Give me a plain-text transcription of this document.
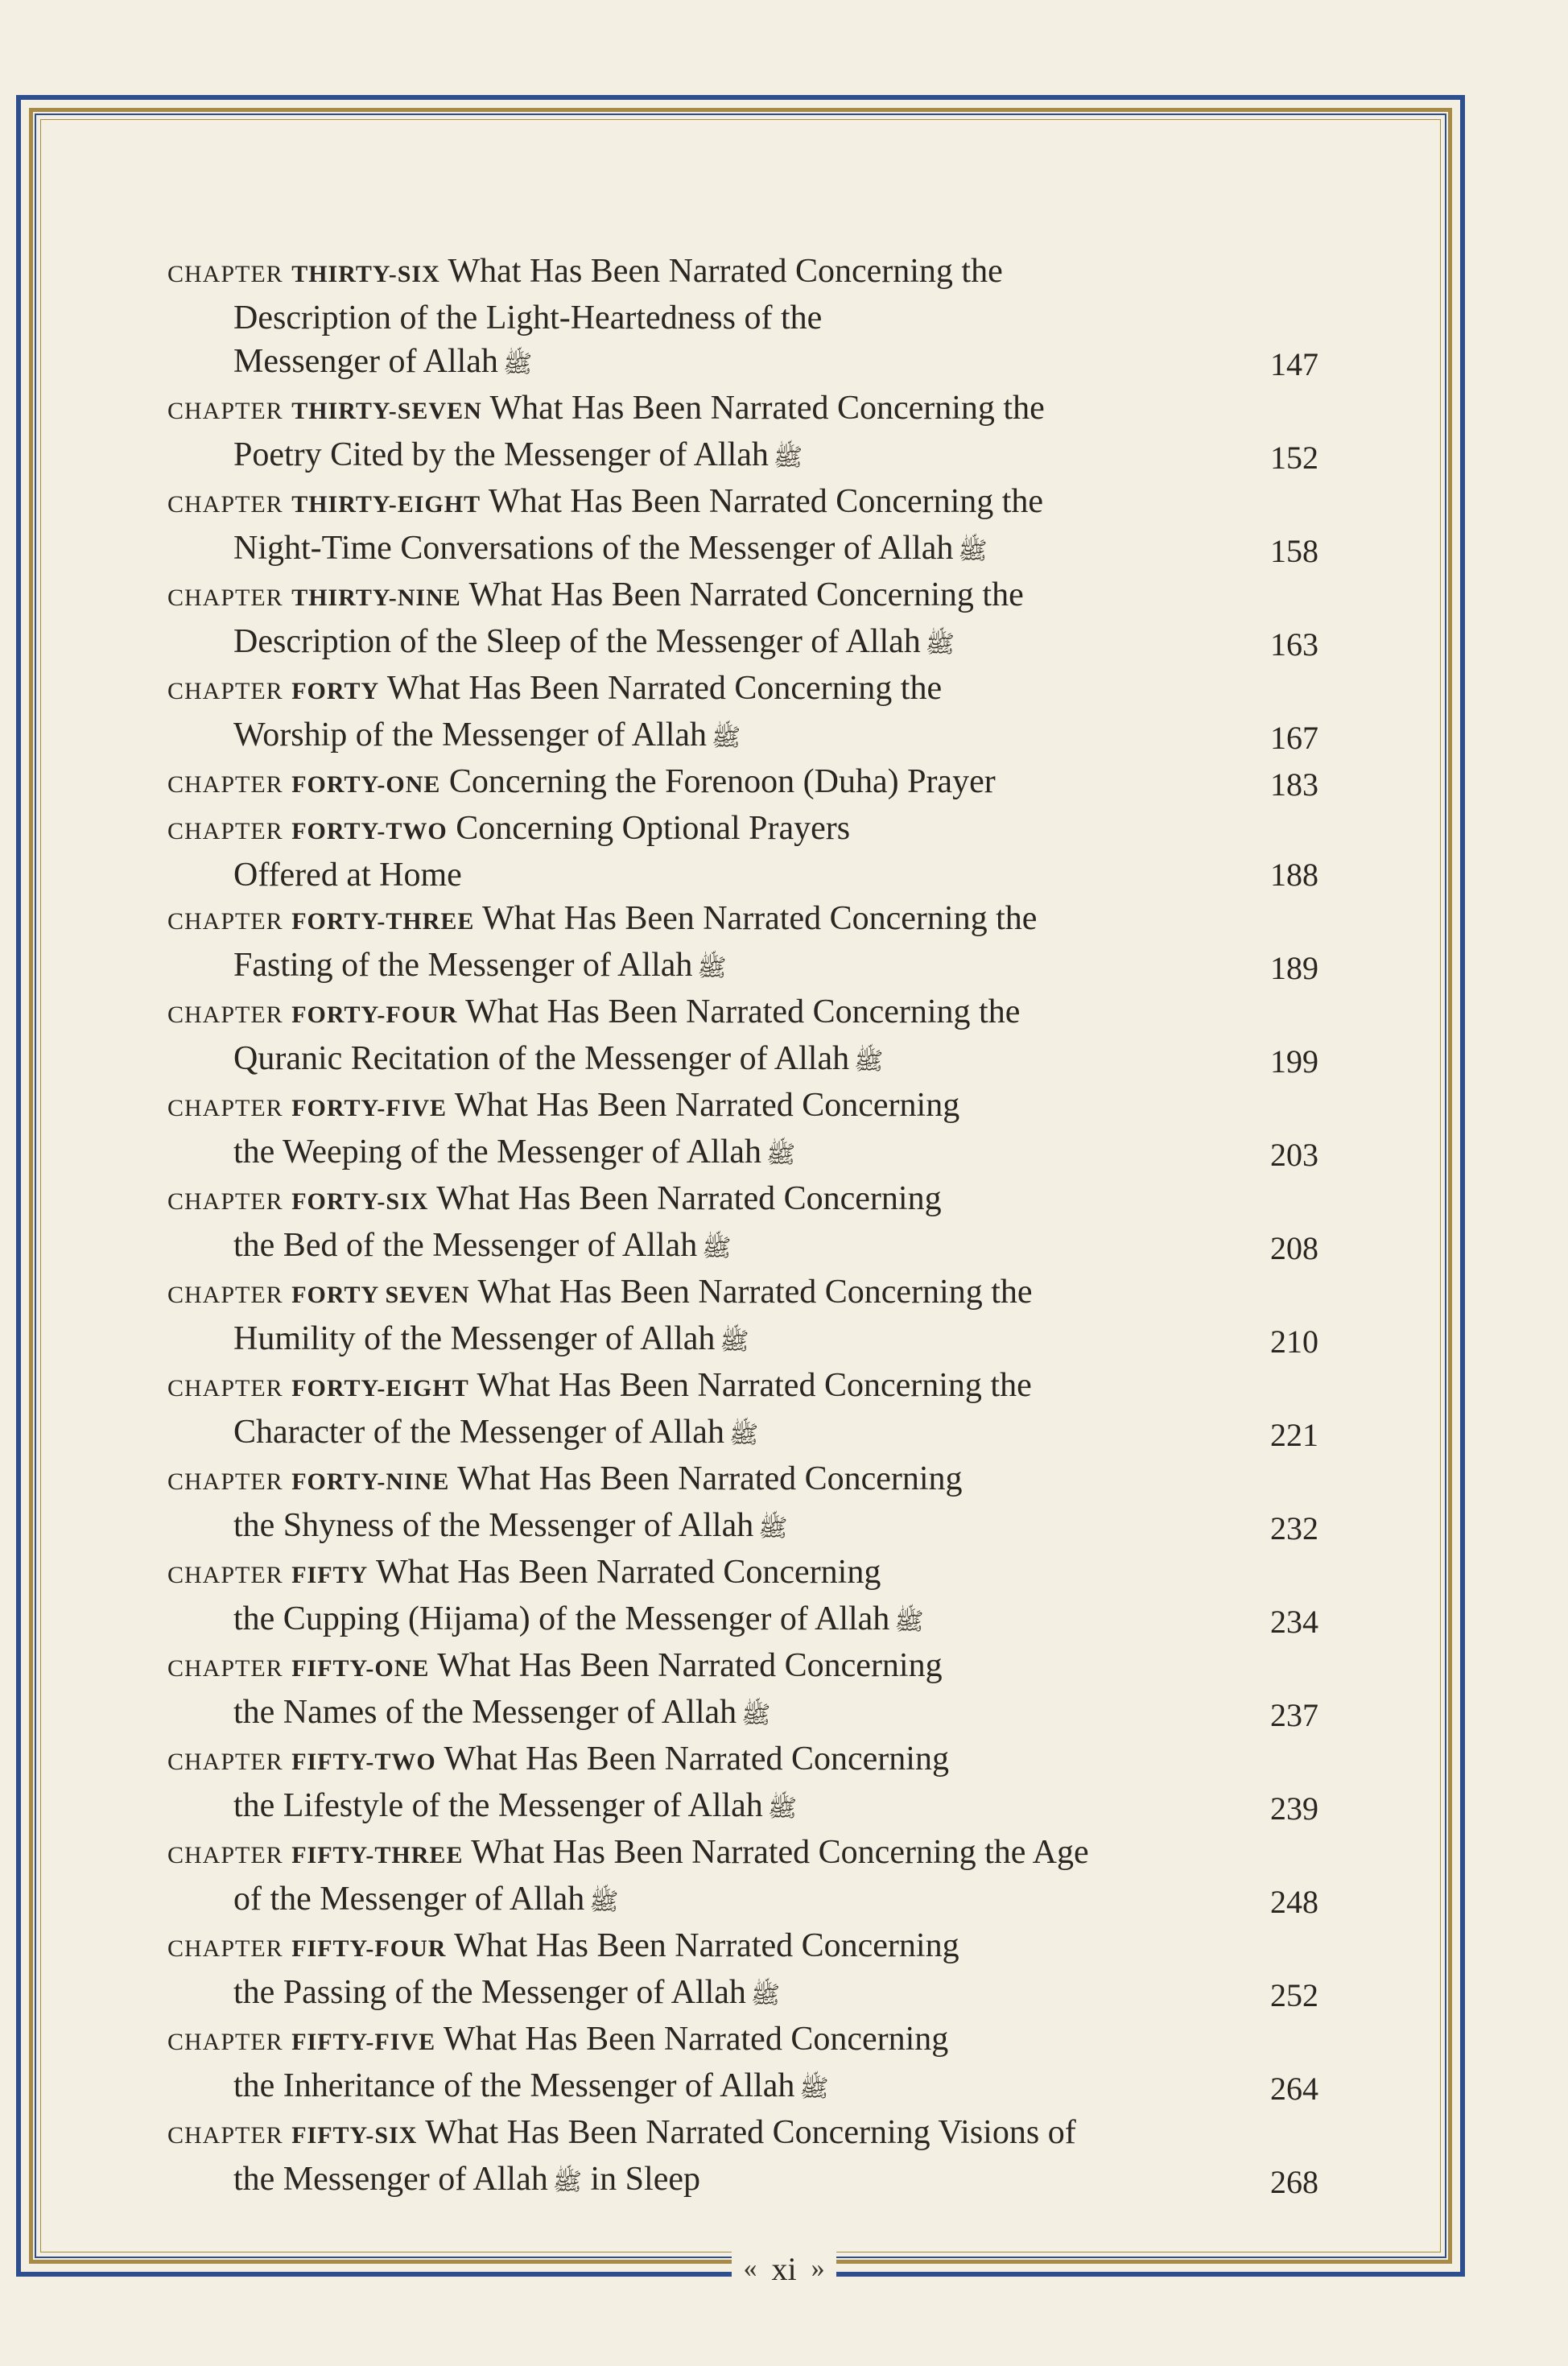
CHAPTER THIRTY-SIX What Has Been Narrated Concerning the
Description of the Light-Heartedness of the
Messenger of Allah ﷺ	147
CHAPTER THIRTY-SEVEN What Has Been Narrated Concerning the
Poetry Cited by the Messenger of Allah ﷺ	152
CHAPTER THIRTY-EIGHT What Has Been Narrated Concerning the
Night-Time Conversations of the Messenger of Allah ﷺ	158
CHAPTER THIRTY-NINE What Has Been Narrated Concerning the
Description of the Sleep of the Messenger of Allah ﷺ	163
CHAPTER FORTY What Has Been Narrated Concerning the
Worship of the Messenger of Allah ﷺ	167
CHAPTER FORTY-ONE Concerning the Forenoon (Duha) Prayer	183
CHAPTER FORTY-TWO Concerning Optional Prayers
Offered at Home	188
CHAPTER FORTY-THREE What Has Been Narrated Concerning the
Fasting of the Messenger of Allah ﷺ	189
CHAPTER FORTY-FOUR What Has Been Narrated Concerning the
Quranic Recitation of the Messenger of Allah ﷺ	199
CHAPTER FORTY-FIVE What Has Been Narrated Concerning
the Weeping of the Messenger of Allah ﷺ	203
CHAPTER FORTY-SIX What Has Been Narrated Concerning
the Bed of the Messenger of Allah ﷺ	208
CHAPTER FORTY SEVEN What Has Been Narrated Concerning the
Humility of the Messenger of Allah ﷺ	210
CHAPTER FORTY-EIGHT What Has Been Narrated Concerning the
Character of the Messenger of Allah ﷺ	221
CHAPTER FORTY-NINE What Has Been Narrated Concerning
the Shyness of the Messenger of Allah ﷺ	232
CHAPTER FIFTY What Has Been Narrated Concerning
the Cupping (Hijama) of the Messenger of Allah ﷺ	234
CHAPTER FIFTY-ONE What Has Been Narrated Concerning
the Names of the Messenger of Allah ﷺ	237
CHAPTER FIFTY-TWO What Has Been Narrated Concerning
the Lifestyle of the Messenger of Allah ﷺ	239
CHAPTER FIFTY-THREE What Has Been Narrated Concerning the Age
of the Messenger of Allah ﷺ	248
CHAPTER FIFTY-FOUR What Has Been Narrated Concerning
the Passing of the Messenger of Allah ﷺ	252
CHAPTER FIFTY-FIVE What Has Been Narrated Concerning
the Inheritance of the Messenger of Allah ﷺ	264
CHAPTER FIFTY-SIX What Has Been Narrated Concerning Visions of
the Messenger of Allah ﷺ in Sleep	268
« xi »
